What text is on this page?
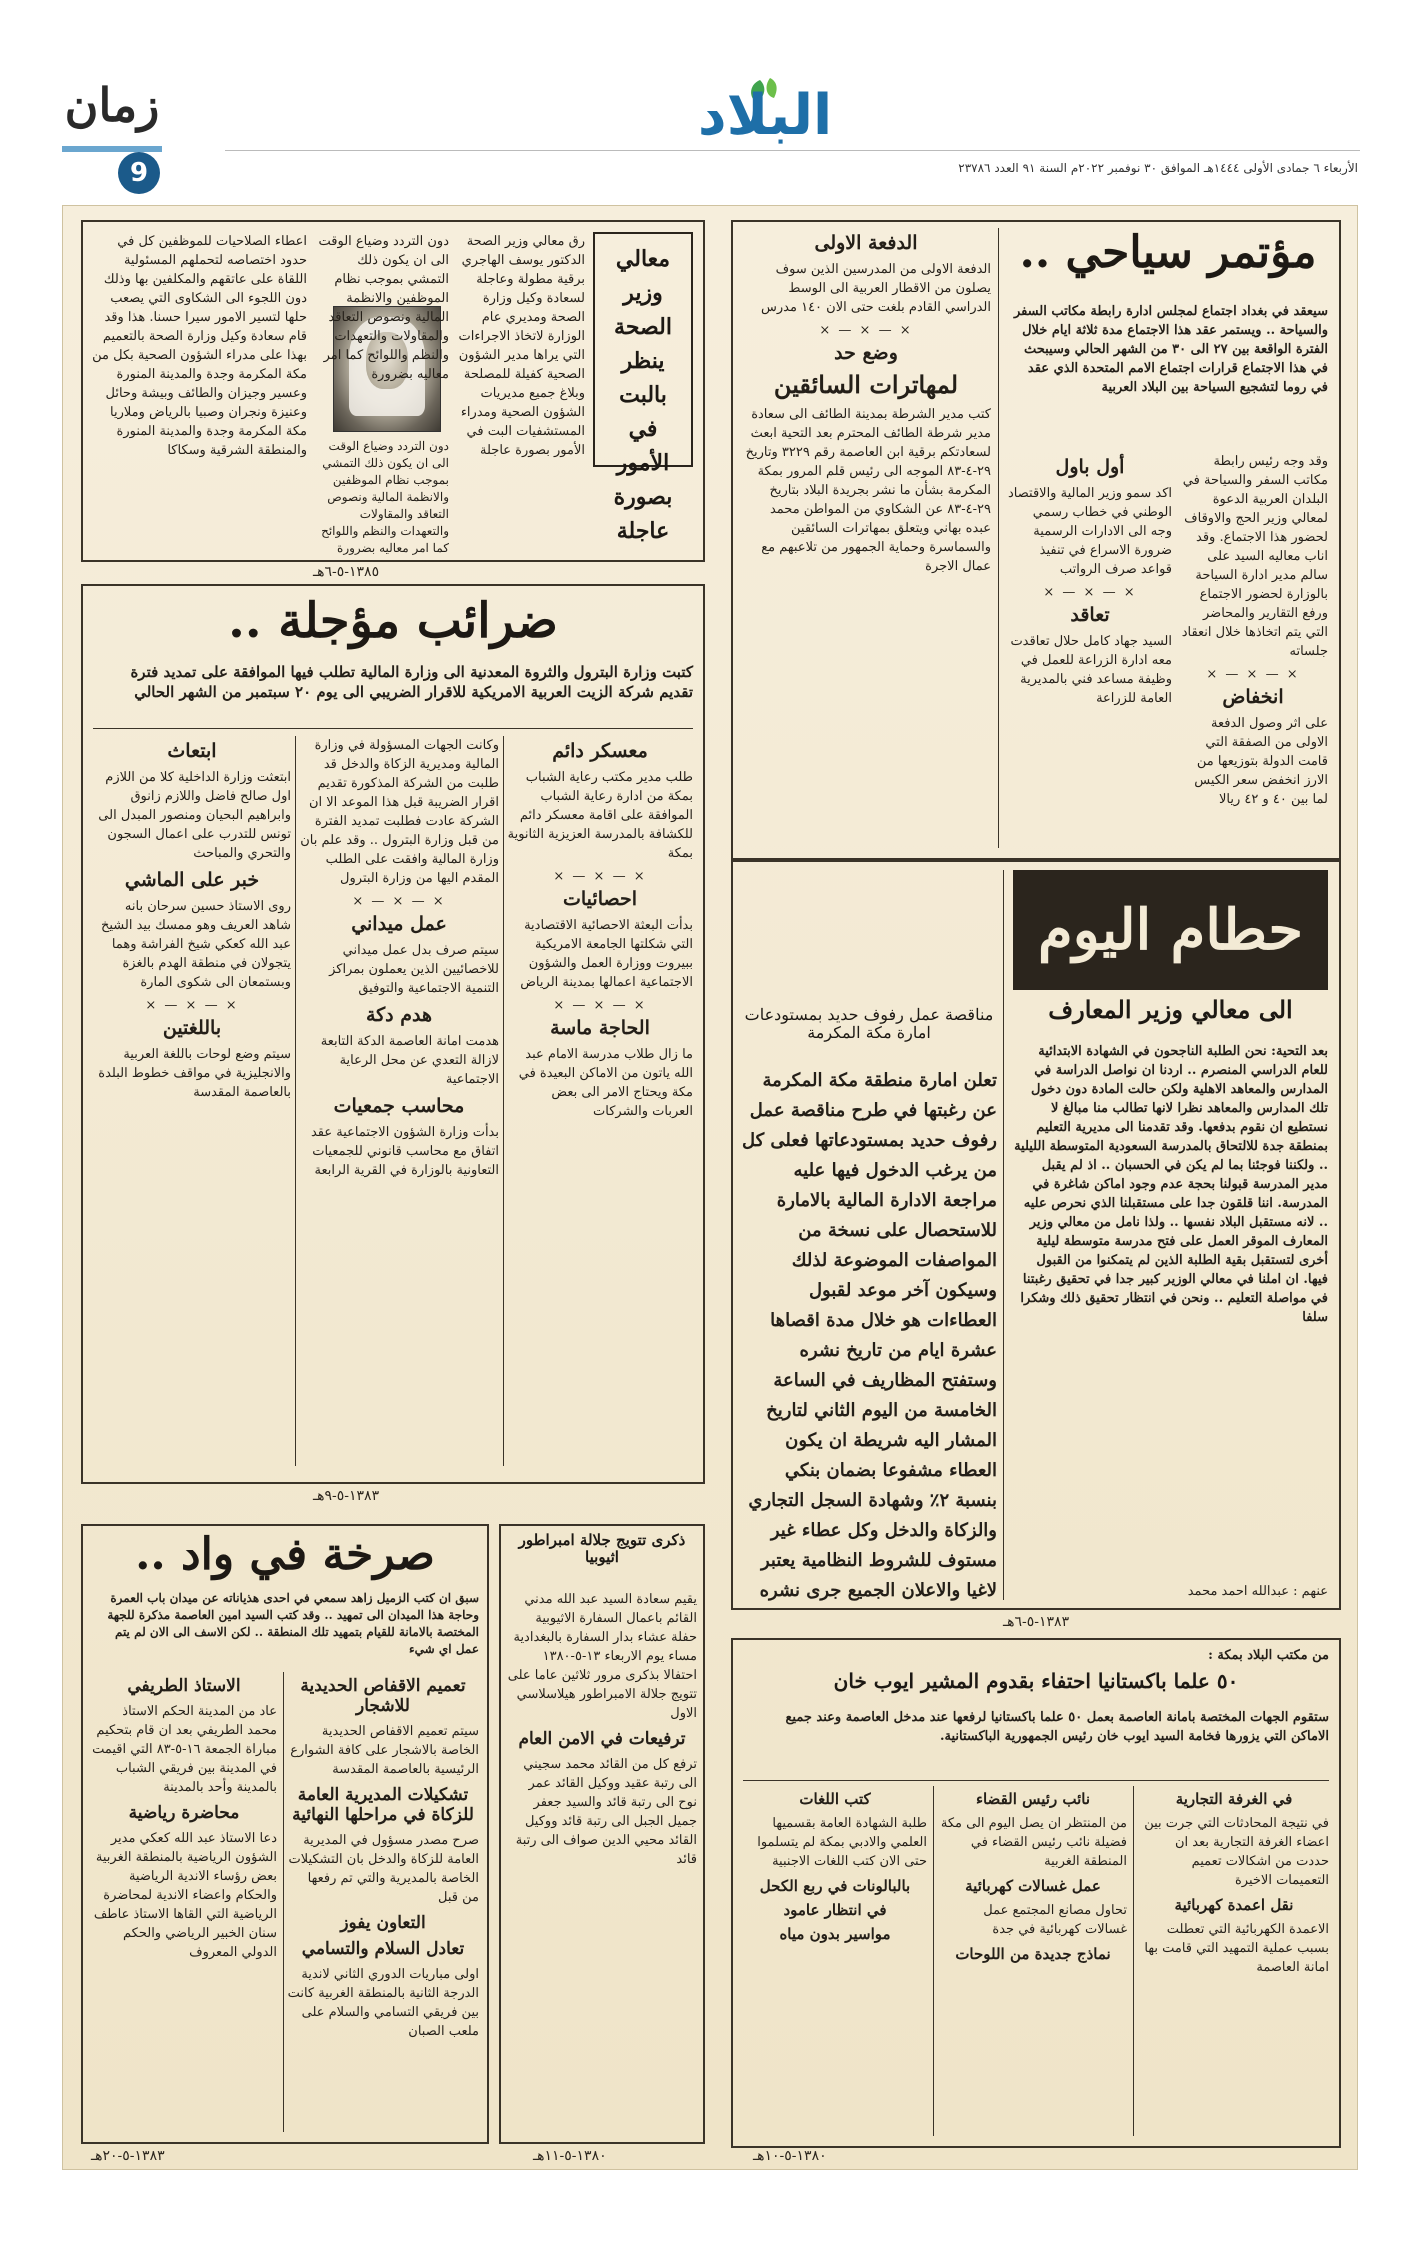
زمان
9
البلاد
الأربعاء ٦ جمادى الأولى ١٤٤٤هـ الموافق ٣٠ نوفمبر ٢٠٢٢م السنة ٩١ العدد ٢٣٧٨٦
معالي وزير الصحة ينظر بالبت في الأمور بصورة عاجلة

رق معالي وزير الصحة الدكتور يوسف الهاجري برقية مطولة وعاجلة لسعادة وكيل وزارة الصحة ومديري عام الوزارة لاتخاذ الاجراءات التي يراها مدير الشؤون الصحية كفيلة للمصلحة وبلاغ جميع مديريات الشؤون الصحية ومدراء المستشفيات البت في الأمور بصورة عاجلة

دون التردد وضياع الوقت الى ان يكون ذلك التمشي بموجب نظام الموظفين والانظمة المالية ونصوص التعاقد والمقاولات والتعهدات والنظم واللوائح كما امر معاليه بضرورة

دون التردد وضياع الوقت الى ان يكون ذلك التمشي بموجب نظام الموظفين والانظمة المالية ونصوص التعاقد والمقاولات والتعهدات والنظم واللوائح كما امر معاليه بضرورة

اعطاء الصلاحيات للموظفين كل في حدود اختصاصه لتحملهم المسئولية اللقاة على عاتقهم والمكلفين بها وذلك دون اللجوء الى الشكاوى التي يصعب حلها لتسير الامور سيرا حسنا. هذا وقد قام سعادة وكيل وزارة الصحة بالتعميم بهذا على مدراء الشؤون الصحية بكل من مكة المكرمة وجدة والمدينة المنورة وعسير وجيزان والطائف وبيشة وحائل وعنيزة ونجران وصبيا بالرياض وملاريا مكة المكرمة وجدة والمدينة المنورة والمنطقة الشرقية وسكاكا

١٣٨٥-٥-٦هـ
ضرائب مؤجلة ..

كتبت وزارة البترول والثروة المعدنية الى وزارة المالية تطلب فيها الموافقة على تمديد فترة تقديم شركة الزيت العربية الامريكية للاقرار الضريبي الى يوم ٢٠ سبتمبر من الشهر الحالي

معسكر دائم

طلب مدير مكتب رعاية الشباب بمكة من ادارة رعاية الشباب الموافقة على اقامة معسكر دائم للكشافة بالمدرسة العزيزية الثانوية بمكة

× — × — ×
احصائيات

بدأت البعثة الاحصائية الاقتصادية التي شكلتها الجامعة الامريكية ببيروت ووزارة العمل والشؤون الاجتماعية اعمالها بمدينة الرياض

× — × — ×
الحاجة ماسة

ما زال طلاب مدرسة الامام عبد الله ياتون من الاماكن البعيدة في مكة ويحتاج الامر الى بعض العربات والشركات

وكانت الجهات المسؤولة في وزارة المالية ومديرية الزكاة والدخل قد طلبت من الشركة المذكورة تقديم اقرار الضريبة قبل هذا الموعد الا ان الشركة عادت فطلبت تمديد الفترة من قبل وزارة البترول .. وقد علم بان وزارة المالية وافقت على الطلب المقدم اليها من وزارة البترول

× — × — ×
عمل ميداني

سيتم صرف بدل عمل ميداني للاخصائيين الذين يعملون بمراكز التنمية الاجتماعية والتوفيق

هدم دكة

هدمت امانة العاصمة الدكة التابعة لازالة التعدي عن محل الرعاية الاجتماعية

محاسب جمعيات

بدأت وزارة الشؤون الاجتماعية عقد اتفاق مع محاسب قانوني للجمعيات التعاونية بالوزارة في القرية الرابعة

ابتعاث

ابتعثت وزارة الداخلية كلا من اللازم اول صالح فاضل واللازم زانوق وابراهيم البحيان ومنصور المبدل الى تونس للتدرب على اعمال السجون والتحري والمباحث

خبر على الماشي

روى الاستاذ حسين سرحان بانه شاهد العريف وهو ممسك بيد الشيخ عبد الله كعكي شيخ الفراشة وهما يتجولان في منطقة الهدم بالغزة وبستمعان الى شكوى المارة

× — × — ×
باللغتين

سيتم وضع لوحات باللغة العربية والانجليزية في مواقف خطوط البلدة بالعاصمة المقدسة

١٣٨٣-٥-٩هـ
مؤتمر سياحي ..

سيعقد في بغداد اجتماع لمجلس ادارة رابطة مكاتب السفر والسياحة .. ويستمر عقد هذا الاجتماع مدة ثلاثة ايام خلال الفترة الواقعة بين ٢٧ الى ٣٠ من الشهر الحالي وسيبحث في هذا الاجتماع قرارات اجتماع الامم المتحدة الذي عقد في روما لتشجيع السياحة بين البلاد العربية

وقد وجه رئيس رابطة مكاتب السفر والسياحة في البلدان العربية الدعوة لمعالي وزير الحج والاوقاف لحضور هذا الاجتماع. وقد اناب معاليه السيد على سالم مدير ادارة السياحة بالوزارة لحضور الاجتماع ورفع التقارير والمحاضر التي يتم اتخاذها خلال انعقاد جلساته

× — × — ×
انخفاض

على اثر وصول الدفعة الاولى من الصفقة التي قامت الدولة بتوزيعها من الارز انخفض سعر الكيس لما بين ٤٠ و ٤٢ ريالا

أول باول

اكد سمو وزير المالية والاقتصاد الوطني في خطاب رسمي وجه الى الادارات الرسمية ضرورة الاسراع في تنفيذ قواعد صرف الرواتب

× — × — ×
تعاقد

السيد جهاد كامل حلال تعاقدت معه ادارة الزراعة للعمل في وظيفة مساعد فني بالمديرية العامة للزراعة

الدفعة الاولى

الدفعة الاولى من المدرسين الذين سوف يصلون من الاقطار العربية الى الوسط الدراسي القادم بلغت حتى الان ١٤٠ مدرس

× — × — ×
وضع حد
لمهاترات السائقين

كتب مدير الشرطة بمدينة الطائف الى سعادة مدير شرطة الطائف المحترم بعد التحية ابعث لسعادتكم برقية ابن العاصمة رقم ٣٢٢٩ وتاريخ ٢٩-٤-٨٣ الموجه الى رئيس قلم المرور بمكة المكرمة بشأن ما نشر بجريدة البلاد بتاريخ ٢٩-٤-٨٣ عن الشكاوي من المواطن محمد عبده بهاني ويتعلق بمهاترات السائقين والسماسرة وحماية الجمهور من تلاعبهم مع عمال الاجرة

حطام اليوم
الى معالي وزير المعارف

بعد التحية: نحن الطلبة الناجحون في الشهادة الابتدائية للعام الدراسي المنصرم .. اردنا ان نواصل الدراسة في المدارس والمعاهد الاهلية ولكن حالت المادة دون دخول تلك المدارس والمعاهد نظرا لانها تطالب منا مبالغ لا نستطيع ان نقوم بدفعها. وقد تقدمنا الى مديرية التعليم بمنطقة جدة للالتحاق بالمدرسة السعودية المتوسطة الليلية .. ولكننا فوجئنا بما لم يكن في الحسبان .. اذ لم يقبل مدير المدرسة قبولنا بحجة عدم وجود اماكن شاغرة في المدرسة. اننا قلقون جدا على مستقبلنا الذي نحرص عليه .. لانه مستقبل البلاد نفسها .. ولذا نامل من معالي وزير المعارف الموقر العمل على فتح مدرسة متوسطة ليلية أخرى لتستقبل بقية الطلبة الذين لم يتمكنوا من القبول فيها. ان املنا في معالي الوزير كبير جدا في تحقيق رغبتنا في مواصلة التعليم .. ونحن في انتظار تحقيق ذلك وشكرا سلفا

عنهم : عبدالله احمد محمد

مناقصة عمل رفوف حديد بمستودعات امارة مكة المكرمة

تعلن امارة منطقة مكة المكرمة عن رغبتها في طرح مناقصة عمل رفوف حديد بمستودعاتها فعلى كل من يرغب الدخول فيها عليه مراجعة الادارة المالية بالامارة للاستحصال على نسخة من المواصفات الموضوعة لذلك وسيكون آخر موعد لقبول العطاءات هو خلال مدة اقصاها عشرة ايام من تاريخ نشره وستفتح المظاريف في الساعة الخامسة من اليوم الثاني لتاريخ المشار اليه شريطة ان يكون العطاء مشفوعا بضمان بنكي بنسبة ٢٪ وشهادة السجل التجاري والزكاة والدخل وكل عطاء غير مستوف للشروط النظامية يعتبر لاغيا والاعلان الجميع جرى نشره

١٣٨٣-٥-٦هـ
صرخة في واد ..

سبق ان كتب الزميل زاهد سمعي في احدى هذياناته عن ميدان باب العمرة وحاجة هذا الميدان الى تمهيد .. وقد كتب السيد امين العاصمة مذكرة للجهة المختصة بالامانة للقيام بتمهيد تلك المنطقة .. لكن الاسف الى الان لم يتم عمل اي شيء

تعميم الاقفاص الحديدية للاشجار

سيتم تعميم الاقفاص الحديدية الخاصة بالاشجار على كافة الشوارع الرئيسية بالعاصمة المقدسة

تشكيلات المديرية العامة للزكاة في مراحلها النهائية

صرح مصدر مسؤول في المديرية العامة للزكاة والدخل بان التشكيلات الخاصة بالمديرية والتي تم رفعها من قبل

التعاون يفوز
تعادل السلام والتسامي

اولى مباريات الدوري الثاني لاندية الدرجة الثانية بالمنطقة الغربية كانت بين فريقي التسامي والسلام على ملعب الصبان

الاستاذ الطريفي

عاد من المدينة الحكم الاستاذ محمد الطريفي بعد ان قام بتحكيم مباراة الجمعة ١٦-٥-٨٣ التي اقيمت في المدينة بين فريقي الشباب بالمدينة وأحد بالمدينة

محاضرة رياضية

دعا الاستاذ عبد الله كعكي مدير الشؤون الرياضية بالمنطقة الغربية بعض رؤساء الاندية الرياضية والحكام واعضاء الاندية لمحاضرة الرياضية التي القاها الاستاذ عاطف سنان الخبير الرياضي والحكم الدولي المعروف

١٣٨٣-٥-٢٠هـ
ذكرى تتويج جلالة امبراطور اثيوبيا

يقيم سعادة السيد عبد الله مدني القائم باعمال السفارة الاثيوبية حفلة عشاء بدار السفارة بالبغدادية مساء يوم الاربعاء ١٣-٥-١٣٨٠ احتفالا بذكرى مرور ثلاثين عاما على تتويج جلالة الامبراطور هيلاسلاسي الاول

ترفيعات في الامن العام

ترفع كل من القائد محمد سجيني الى رتبة عقيد ووكيل القائد عمر نوح الى رتبة قائد والسيد جعفر جميل الجبل الى رتبة قائد ووكيل القائد محيي الدين صواف الى رتبة قائد

١٣٨٠-٥-١١هـ

من مكتب البلاد بمكة :

٥٠ علما باكستانيا احتفاء بقدوم المشير ايوب خان

ستقوم الجهات المختصة بامانة العاصمة بعمل ٥٠ علما باكستانيا لرفعها عند مدخل العاصمة وعند جميع الاماكن التي يزورها فخامة السيد ايوب خان رئيس الجمهورية الباكستانية.

في الغرفة التجارية

في نتيجة المحادثات التي جرت بين اعضاء الغرفة التجارية بعد ان حددت من اشكالات تعميم التعميمات الاخيرة

نقل اعمدة كهربائية

الاعمدة الكهربائية التي تعطلت بسبب عملية التمهيد التي قامت بها امانة العاصمة

نائب رئيس القضاء

من المنتظر ان يصل اليوم الى مكة فضيلة نائب رئيس القضاء في المنطقة الغربية

عمل غسالات كهربائية

تحاول مصانع المجتمع عمل غسالات كهربائية في جدة

نماذج جديدة من اللوحات
كتب اللغات

طلبة الشهادة العامة بقسميها العلمي والادبي بمكة لم يتسلموا حتى الان كتب اللغات الاجنبية

بالبالونات في ربع الكحل
في انتظار عامود
مواسير بدون مياه
١٣٨٠-٥-١٠هـ
